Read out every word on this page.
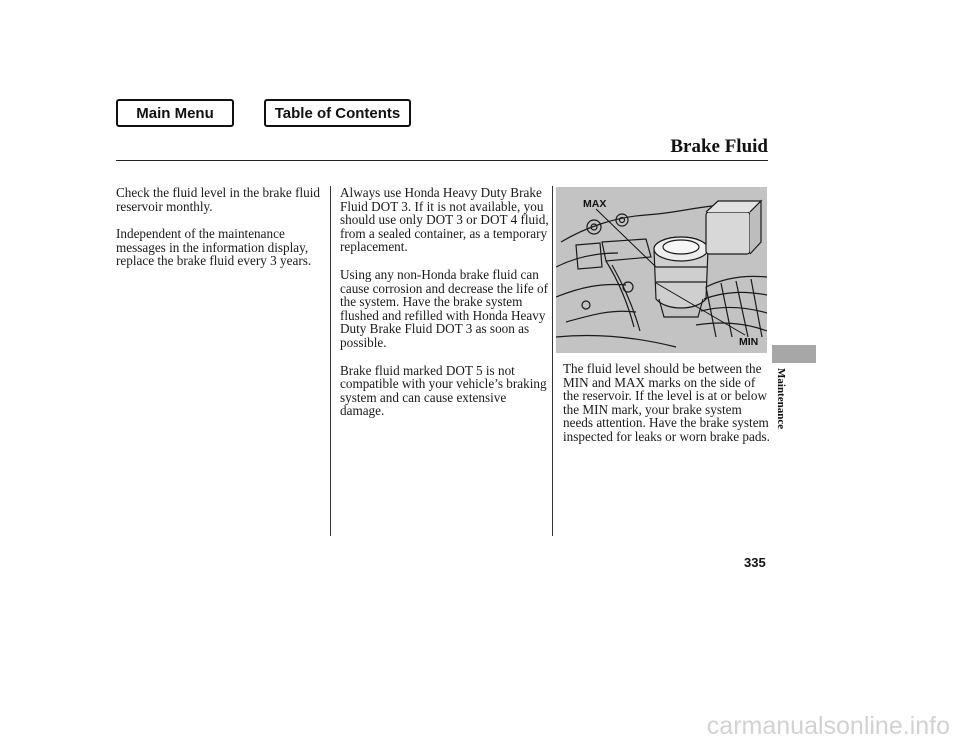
Main Menu	Table of Contents
Brake Fluid

Check the fluid level in the brake fluid reservoir monthly.

Independent of the maintenance messages in the information display, replace the brake fluid every 3 years.

Always use Honda Heavy Duty Brake Fluid DOT 3. If it is not available, you should use only DOT 3 or DOT 4 fluid, from a sealed container, as a temporary replacement.

Using any non-Honda brake fluid can cause corrosion and decrease the life of the system. Have the brake system flushed and refilled with Honda Heavy Duty Brake Fluid DOT 3 as soon as possible.

Brake fluid marked DOT 5 is not compatible with your vehicle’s braking system and can cause extensive damage.

MAX
MIN

The fluid level should be between the MIN and MAX marks on the side of the reservoir. If the level is at or below the MIN mark, your brake system needs attention. Have the brake system inspected for leaks or worn brake pads.

Maintenance
335
carmanualsonline.info
